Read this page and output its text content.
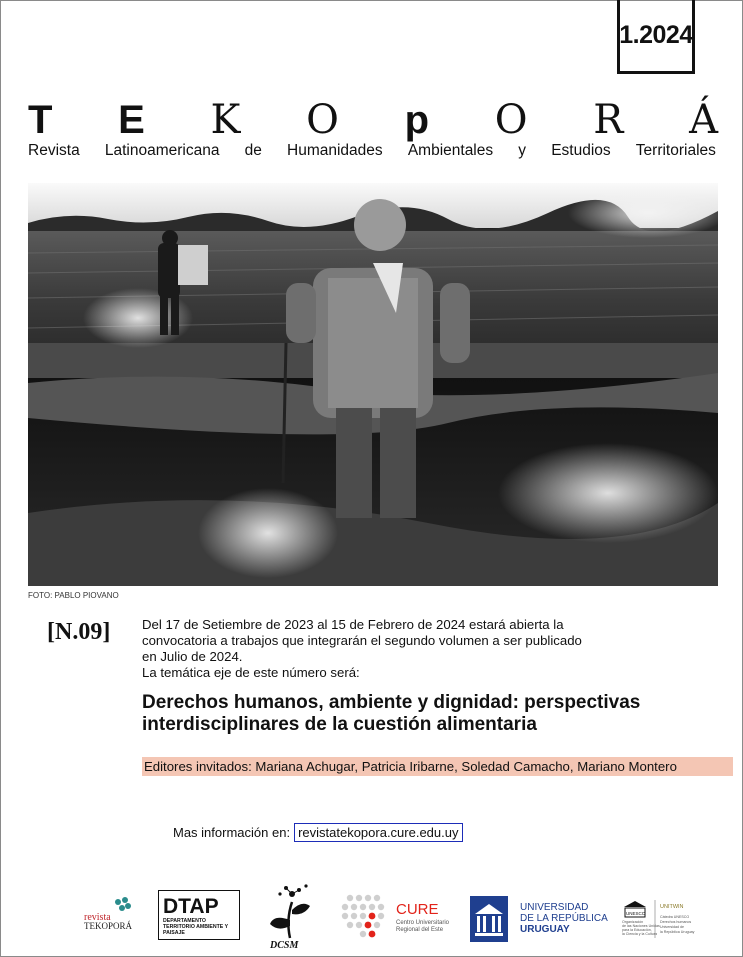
1.2024
T E K O p O R Á
Revista Latinoamericana de Humanidades Ambientales y Estudios Territoriales
FOTO: PABLO PIOVANO
[N.09] Del 17 de Setiembre de 2023 al 15 de Febrero de 2024 estará abierta la
convocatoria a trabajos que integrarán el segundo volumen a ser publicado
en Julio de 2024.
La temática eje de este número será:
Derechos humanos, ambiente y dignidad: perspectivas
interdisciplinares de la cuestión alimentaria
Editores invitados: Mariana Achugar, Patricia Iribarne, Soledad Camacho, Mariano Montero
Mas información en: revistatekopora.cure.edu.uy
revista
TEKOPORÁ
DTAP
DEPARTAMENTO
TERRITORIO AMBIENTE Y PAISAJE
DCSM
CURE
Centro Universitario
Regional del Este
UNIVERSIDAD
DE LA REPÚBLICA
URUGUAY
UNESCO
Organización
de las Naciones Unidas
para la Educación,
la Ciencia y la Cultura
UNITWIN
Cátedra UNESCO
Derechos humanos
Universidad de
la República Uruguay
